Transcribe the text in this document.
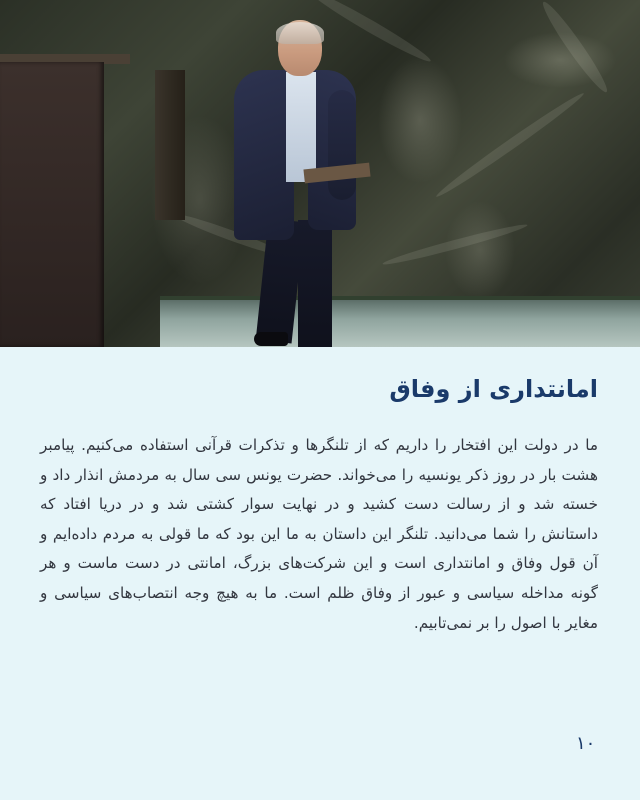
امانتداری از وفاق

ما در دولت این افتخار را داریم که از تلنگرها و تذکرات قرآنی استفاده می‌کنیم. پیامبر هشت بار در روز ذکر یونسیه را می‌خواند. حضرت یونس سی سال به مردمش انذار داد و خسته شد و از رسالت دست کشید و در نهایت سوار کشتی شد و در دریا افتاد که داستانش را شما می‌دانید. تلنگر این داستان به ما این بود که ما قولی به مردم داده‌ایم و آن قول وفاق و امانتداری است و این شرکت‌های بزرگ، امانتی در دست ماست و هر گونه مداخله سیاسی و عبور از وفاق ظلم است. ما به هیچ وجه انتصاب‌های سیاسی و مغایر با اصول را بر نمی‌تابیم.

۱۰
